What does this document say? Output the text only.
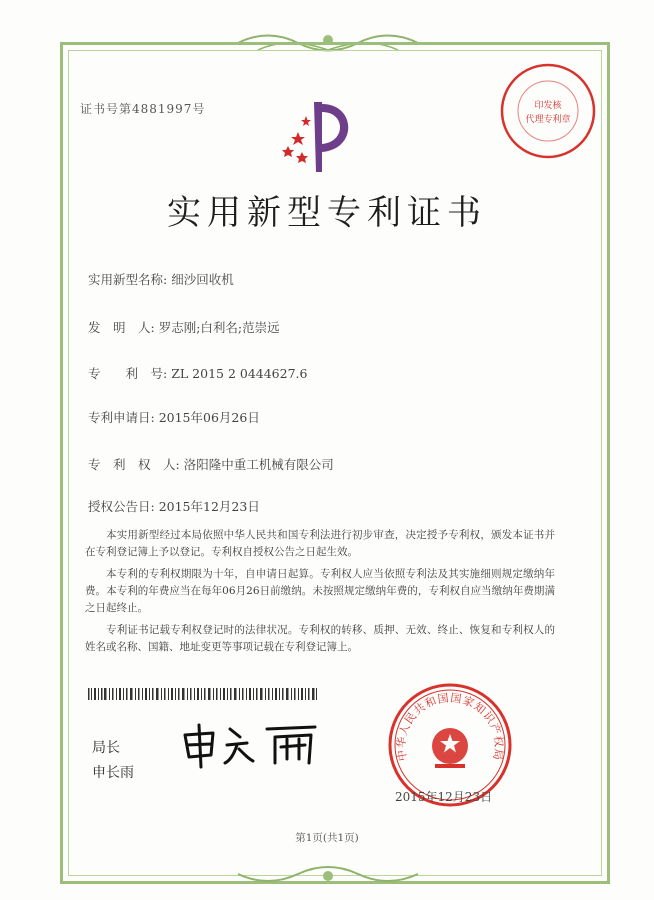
证书号第4881997号	印发核
代理专利章
实用新型专利证书
实用新型名称: 细沙回收机
发　明　人: 罗志刚;白利名;范崇远
专　　利　号: ZL 2015 2 0444627.6
专利申请日: 2015年06月26日
专　利　权　人: 洛阳隆中重工机械有限公司
授权公告日: 2015年12月23日
本实用新型经过本局依照中华人民共和国专利法进行初步审查，决定授予专利权，颁发本证书并在专利登记簿上予以登记。专利权自授权公告之日起生效。
本专利的专利权期限为十年，自申请日起算。专利权人应当依照专利法及其实施细则规定缴纳年费。本专利的年费应当在每年06月26日前缴纳。未按照规定缴纳年费的，专利权自应当缴纳年费期满之日起终止。
专利证书记载专利权登记时的法律状况。专利权的转移、质押、无效、终止、恢复和专利权人的姓名或名称、国籍、地址变更等事项记载在专利登记簿上。
局长
申长雨
中华人民共和国国家知识产权局
2015年12月23日
第1页(共1页)
